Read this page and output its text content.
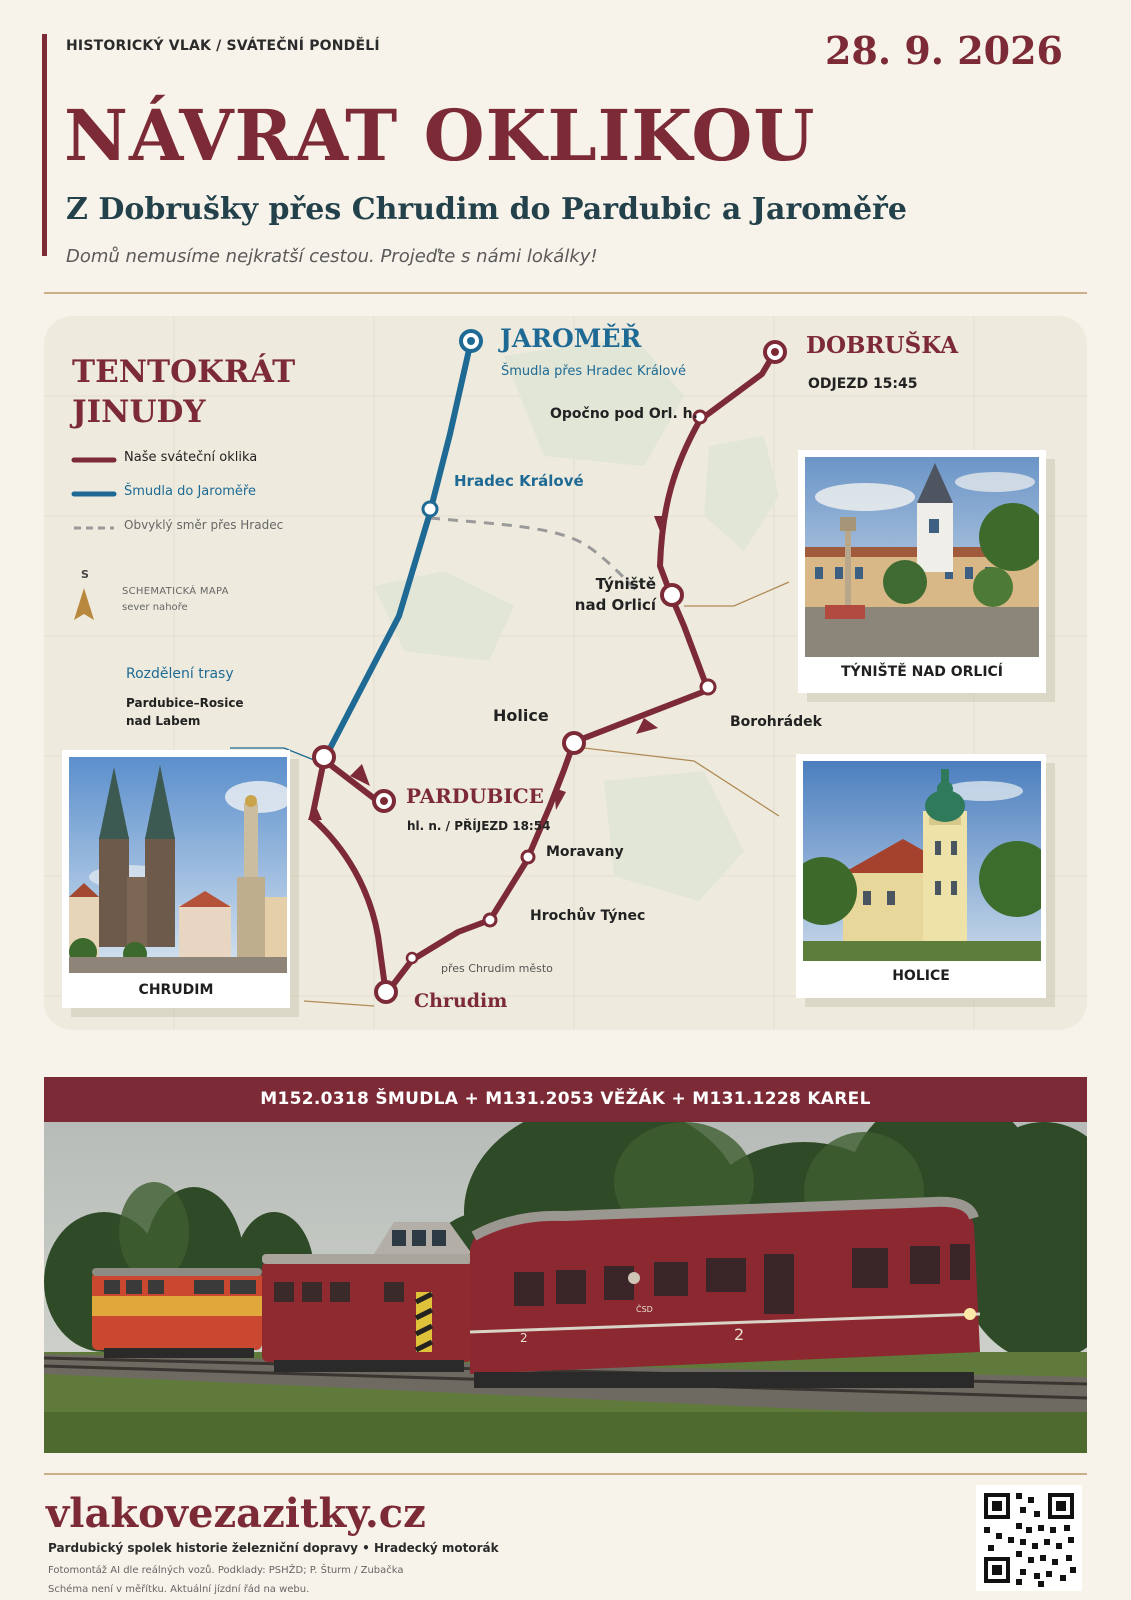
HISTORICKÝ VLAK / SVÁTEČNÍ PONDĚLÍ	28. 9. 2026
NÁVRAT OKLIKOU
Z Dobrušky přes Chrudim do Pardubic a Jaroměře
Domů nemusíme nejkratší cestou. Projeďte s námi lokálky!
TENTOKRÁT
JINUDY
Naše sváteční oklika
Šmudla do Jaroměře
Obvyklý směr přes Hradec
S
SCHEMATICKÁ MAPA
sever nahoře
Rozdělení trasy
Pardubice–Rosice
nad Labem
JAROMĚŘ
Šmudla přes Hradec Králové
DOBRUŠKA
ODJEZD 15:45
Opočno pod Orl. h.
Hradec Králové
Týniště
nad Orlicí
Borohrádek
Holice
PARDUBICE
hl. n. / PŘÍJEZD 18:54
Moravany
Hrochův Týnec
přes Chrudim město
Chrudim
TÝNIŠTĚ NAD ORLICÍ
HOLICE
CHRUDIM
M152.0318 ŠMUDLA + M131.2053 VĚŽÁK + M131.1228 KAREL
ČSD
2
2
vlakovezazitky.cz
Pardubický spolek historie železniční dopravy • Hradecký motorák
Fotomontáž AI dle reálných vozů. Podklady: PSHŽD; P. Šturm / Zubačka
Schéma není v měřítku. Aktuální jízdní řád na webu.
